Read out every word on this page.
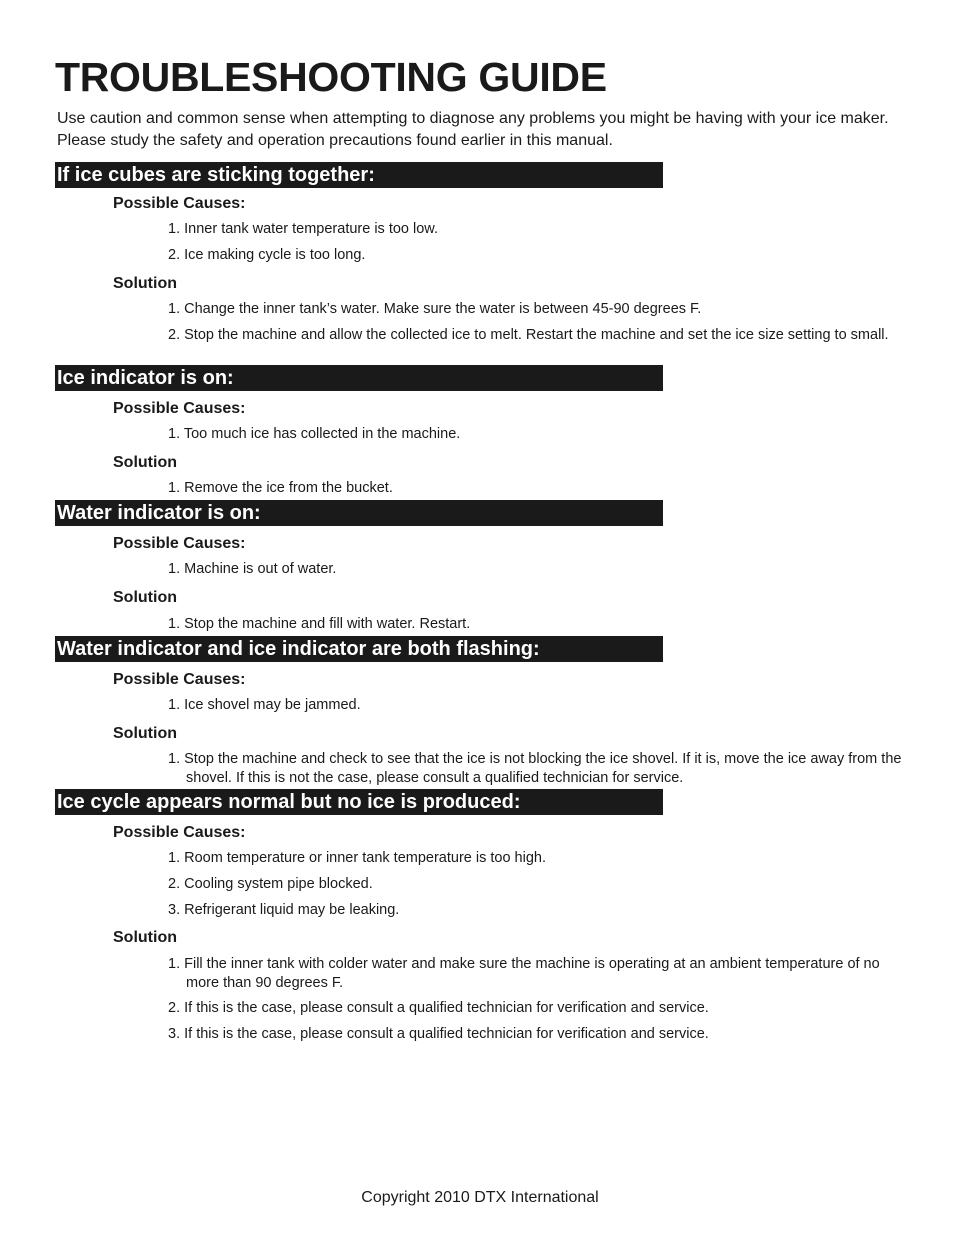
TROUBLESHOOTING GUIDE
Use caution and common sense when attempting to diagnose any problems you might be having with your ice maker. Please study the safety and operation precautions found earlier in this manual.
If ice cubes are sticking together:
Possible Causes:
1. Inner tank water temperature is too low.
2. Ice making cycle is too long.
Solution
1. Change the inner tank’s water. Make sure the water is between 45-90 degrees F.
2. Stop the machine and allow the collected ice to melt. Restart the machine and set the ice size setting to small.
Ice indicator is on:
Possible Causes:
1. Too much ice has collected in the machine.
Solution
1. Remove the ice from the bucket.
Water indicator is on:
Possible Causes:
1. Machine is out of water.
Solution
1. Stop the machine and fill with water. Restart.
Water indicator and ice indicator are both flashing:
Possible Causes:
1. Ice shovel may be jammed.
Solution
1. Stop the machine and check to see that the ice is not blocking the ice shovel. If it is, move the ice away from the shovel. If this is not the case, please consult a qualified technician for service.
Ice cycle appears normal but no ice is produced:
Possible Causes:
1. Room temperature or inner tank temperature is too high.
2. Cooling system pipe blocked.
3. Refrigerant liquid may be leaking.
Solution
1. Fill the inner tank with colder water and make sure the machine is operating at an ambient temperature of no more than 90 degrees F.
2. If this is the case, please consult a qualified technician for verification and service.
3. If this is the case, please consult a qualified technician for verification and service.
Copyright 2010 DTX International
